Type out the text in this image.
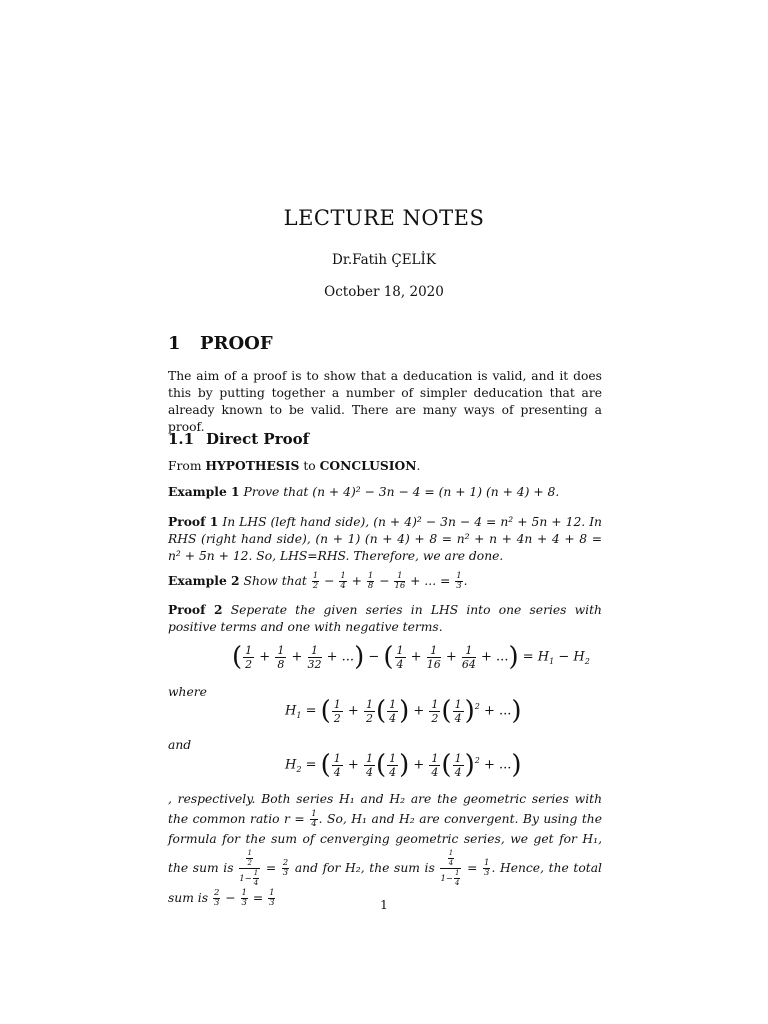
LECTURE NOTES
Dr.Fatih ÇELİK
October 18, 2020
1 PROOF
The aim of a proof is to show that a deducation is valid, and it does this by putting together a number of simpler deducation that are already known to be valid. There are many ways of presenting a proof.
1.1 Direct Proof
From HYPOTHESIS to CONCLUSION.
Example 1 Prove that (n + 4)² − 3n − 4 = (n + 1) (n + 4) + 8.
Proof 1 In LHS (left hand side), (n + 4)² − 3n − 4 = n² + 5n + 12. In RHS (right hand side), (n + 1) (n + 4) + 8 = n² + n + 4n + 4 + 8 = n² + 5n + 12. So, LHS=RHS. Therefore, we are done.
Example 2 Show that $\frac{1}{2} - \frac{1}{4} + \frac{1}{8} - \frac{1}{16}$ + ... = $\frac{1}{3}$ .
Proof 2 Seperate the given series in LHS into one series with positive terms and one with negative terms.
( $\frac{1}{2} + \frac{1}{8} + \frac{1}{32}$ + ...) − ( $\frac{1}{4} + \frac{1}{16} + \frac{1}{64}$ + ...) = $H_1 - H_2$
where
$H_1$ = ( $\frac{1}{2} + \frac{1}{2}$ ( $\frac{1}{4}$ ) + $\frac{1}{2}$ ( $\frac{1}{4} )^2$ + ...)
and
$H_2$ = ( $\frac{1}{4} + \frac{1}{4}$ ( $\frac{1}{4}$ ) + $\frac{1}{4}$ ( $\frac{1}{4} )^2$ + ...)
, respectively. Both series H₁ and H₂ are the geometric series with the common ratio $r = \frac{1}{4}$ . So, H₁ and H₂ are convergent. By using the formula for the sum of cenverging geometric series, we get for H₁, the sum is $\frac{\frac{1}{2}}{1- \frac{1}{4}} = \frac{2}{3}$ and for H₂, the sum is $\frac{\frac{1}{4}}{1- \frac{1}{4}} = \frac{1}{3}$ . Hence, the total sum is $\frac{2}{3} - \frac{1}{3} = \frac{1}{3}$	1
